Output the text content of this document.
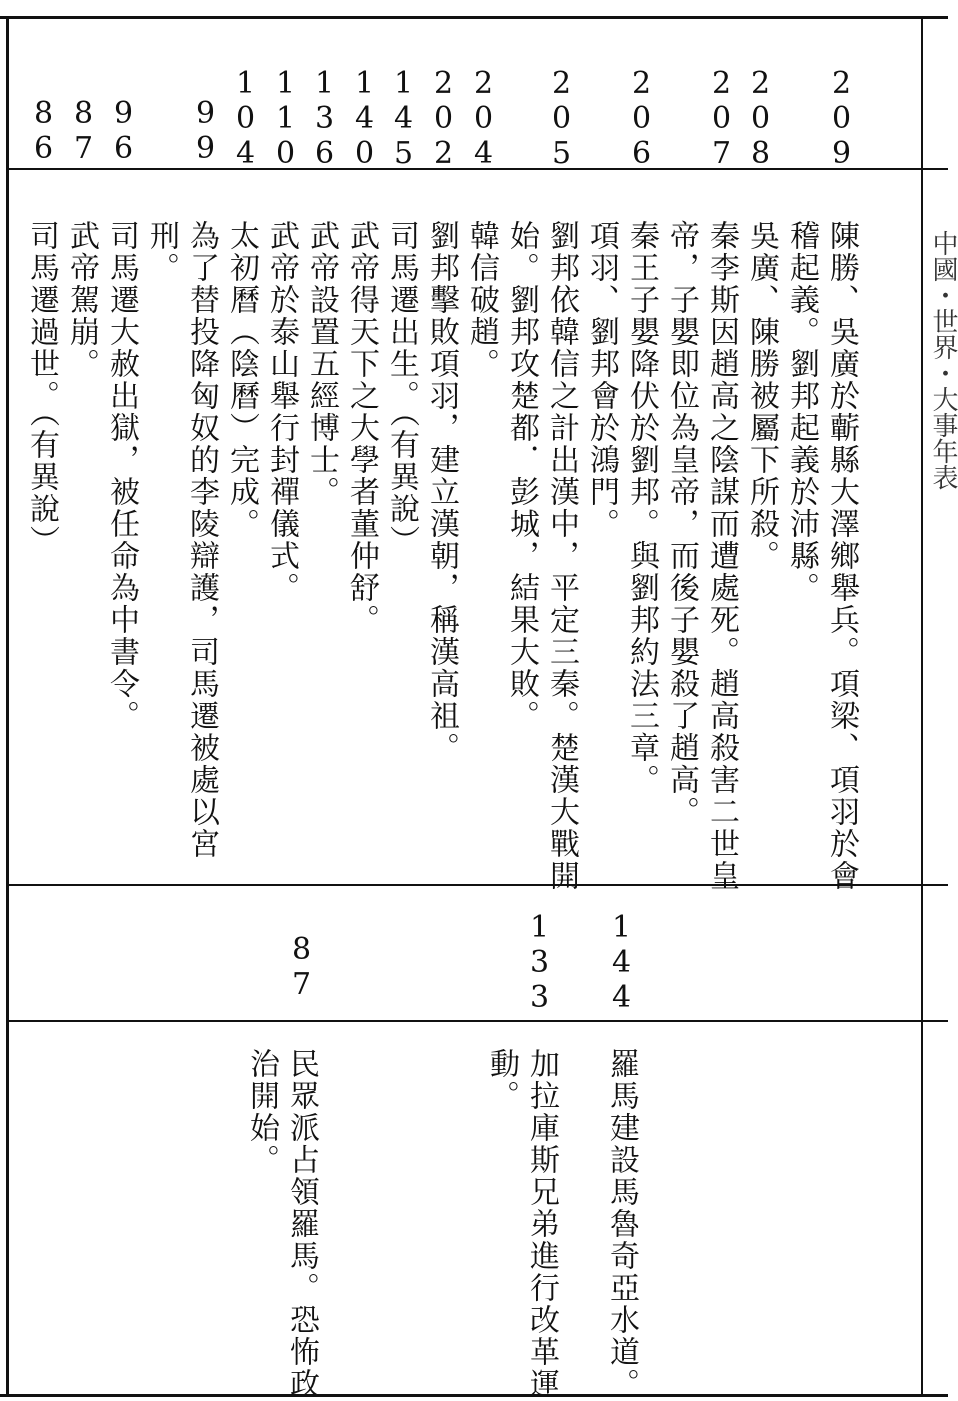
209
208
207
206
205
204
202
145
140
136
110
104
99
96
87
86
陳勝、吳廣於蘄縣大澤鄉舉兵。項梁、項羽於會
稽起義。劉邦起義於沛縣。
吳廣、陳勝被屬下所殺。
秦李斯因趙高之陰謀而遭處死。趙高殺害二世皇
帝，子嬰即位為皇帝，而後子嬰殺了趙高。
秦王子嬰降伏於劉邦。與劉邦約法三章。
項羽、劉邦會於鴻門。
劉邦依韓信之計出漢中，平定三秦。楚漢大戰開
始。劉邦攻楚都．彭城，結果大敗。
韓信破趙。
劉邦擊敗項羽，建立漢朝，稱漢高祖。
司馬遷出生。（有異說）
武帝得天下之大學者董仲舒。
武帝設置五經博士。
武帝於泰山舉行封禪儀式。
太初曆（陰曆）完成。
為了替投降匈奴的李陵辯護，司馬遷被處以宮
刑。
司馬遷大赦出獄，被任命為中書令。
武帝駕崩。
司馬遷過世。（有異說）
144
133
87
羅馬建設馬魯奇亞水道。
加拉庫斯兄弟進行改革運
動。
民眾派占領羅馬。恐怖政
治開始。
中國・世界・大事年表
